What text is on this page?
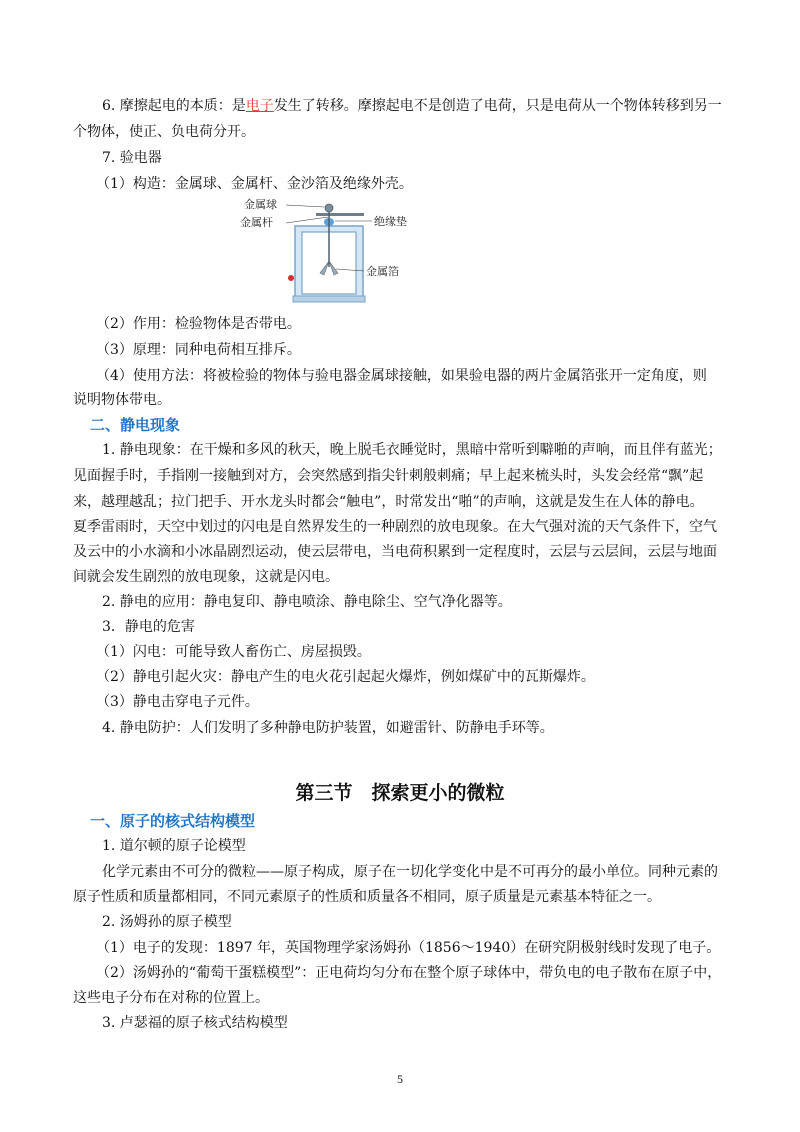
6. 摩擦起电的本质：是电子发生了转移。摩擦起电不是创造了电荷，只是电荷从一个物体转移到另一
个物体，使正、负电荷分开。
7. 验电器
（1）构造：金属球、金属杆、金沙箔及绝缘外壳。
金属球
金属杆	绝缘垫
金属箔
（2）作用：检验物体是否带电。
（3）原理：同种电荷相互排斥。
（4）使用方法：将被检验的物体与验电器金属球接触，如果验电器的两片金属箔张开一定角度，则
说明物体带电。
二、静电现象
1. 静电现象：在干燥和多风的秋天，晚上脱毛衣睡觉时，黑暗中常听到噼啪的声响，而且伴有蓝光；
见面握手时，手指刚一接触到对方，会突然感到指尖针刺般刺痛；早上起来梳头时，头发会经常“飘”起
来，越理越乱；拉门把手、开水龙头时都会“触电”，时常发出“啪”的声响，这就是发生在人体的静电。
夏季雷雨时，天空中划过的闪电是自然界发生的一种剧烈的放电现象。在大气强对流的天气条件下，空气
及云中的小水滴和小冰晶剧烈运动，使云层带电，当电荷积累到一定程度时，云层与云层间，云层与地面
间就会发生剧烈的放电现象，这就是闪电。
2. 静电的应用：静电复印、静电喷涂、静电除尘、空气净化器等。
3．静电的危害
（1）闪电：可能导致人畜伤亡、房屋损毁。
（2）静电引起火灾：静电产生的电火花引起起火爆炸，例如煤矿中的瓦斯爆炸。
（3）静电击穿电子元件。
4. 静电防护：人们发明了多种静电防护装置，如避雷针、防静电手环等。
第三节　探索更小的微粒
一、原子的核式结构模型
1. 道尔顿的原子论模型
化学元素由不可分的微粒——原子构成，原子在一切化学变化中是不可再分的最小单位。同种元素的
原子性质和质量都相同，不同元素原子的性质和质量各不相同，原子质量是元素基本特征之一。
2. 汤姆孙的原子模型
（1）电子的发现：1897 年，英国物理学家汤姆孙（1856～1940）在研究阴极射线时发现了电子。
（2）汤姆孙的“葡萄干蛋糕模型”：正电荷均匀分布在整个原子球体中，带负电的电子散布在原子中，
这些电子分布在对称的位置上。
3. 卢瑟福的原子核式结构模型
5
